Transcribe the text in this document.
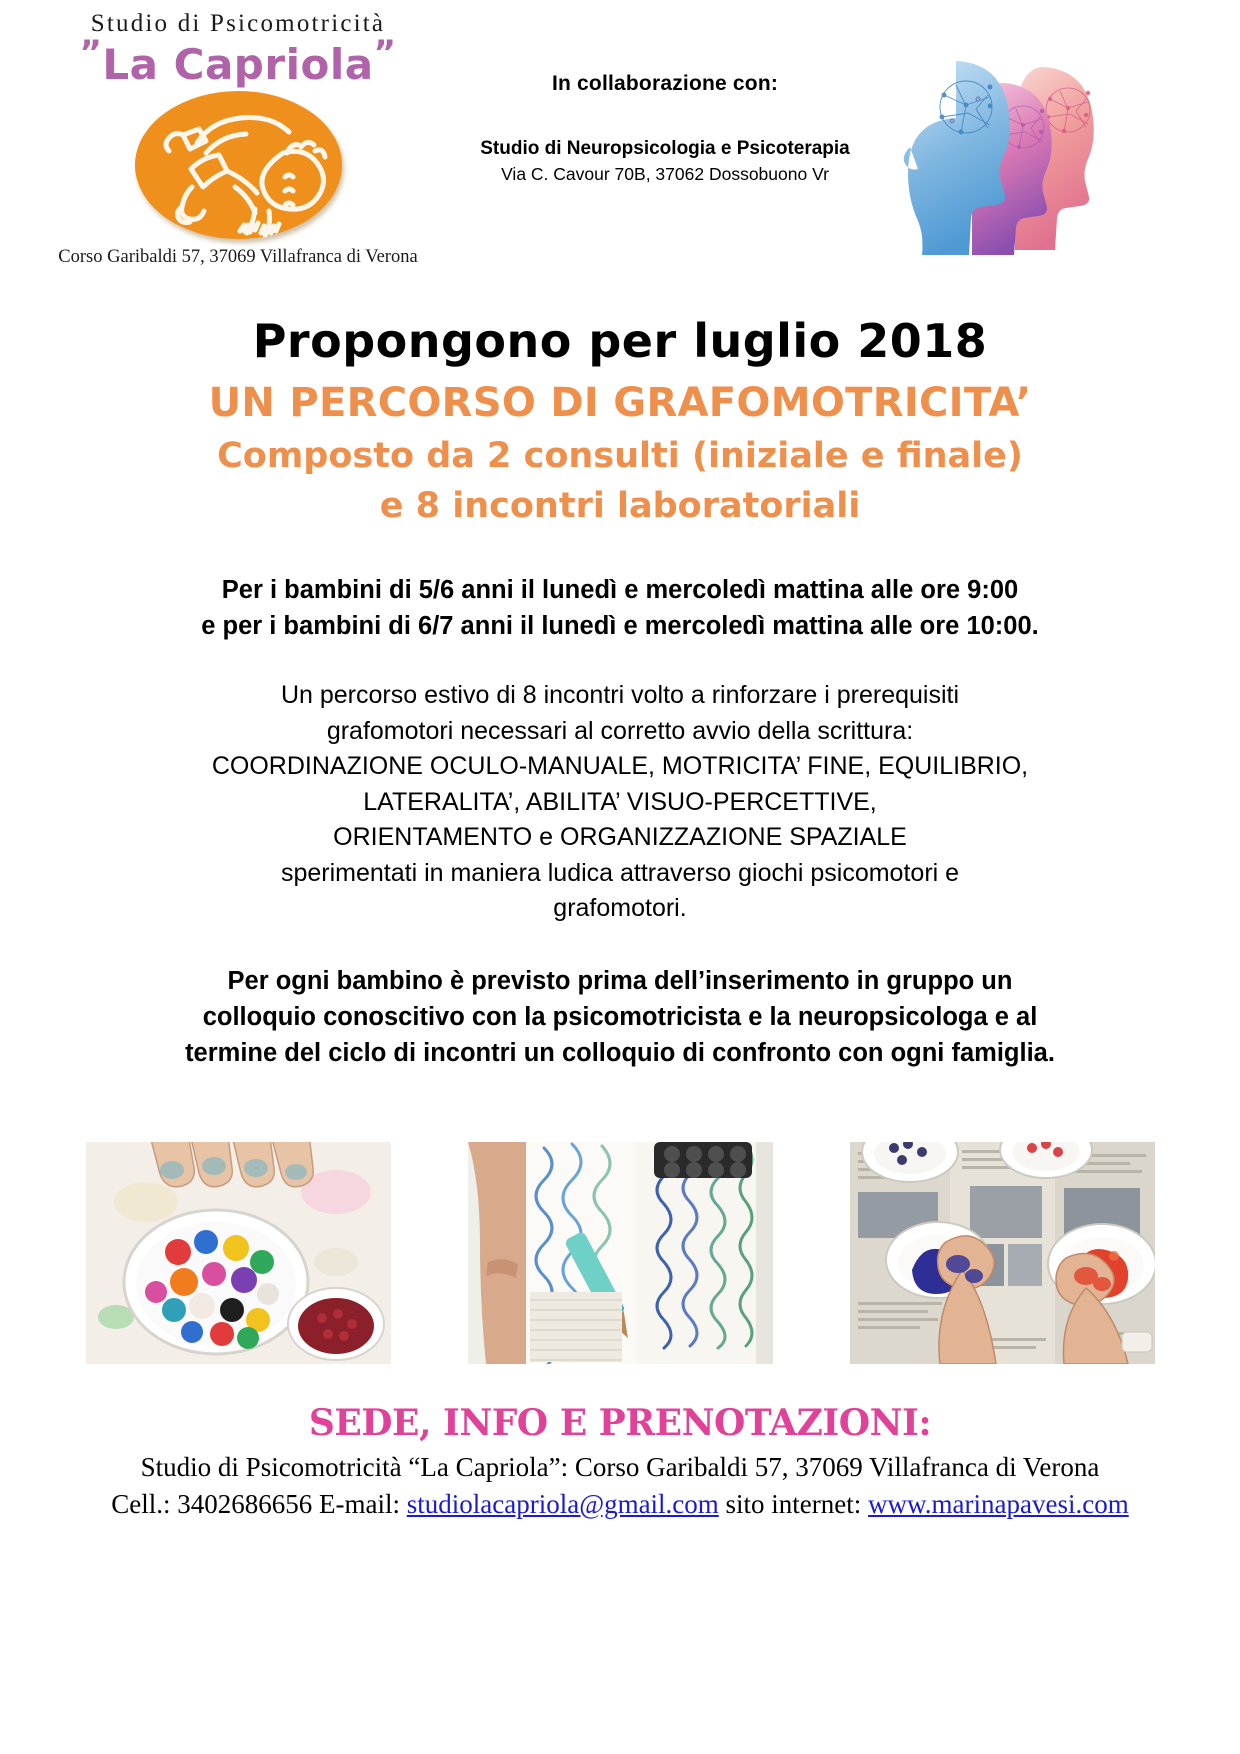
Studio di Psicomotricità
”La Capriola”
Corso Garibaldi 57, 37069 Villafranca di Verona
In collaborazione con:
Studio di Neuropsicologia e Psicoterapia
Via C. Cavour 70B, 37062 Dossobuono Vr
Propongono per luglio 2018
UN PERCORSO DI GRAFOMOTRICITA’
Composto da 2 consulti (iniziale e finale)
e 8 incontri laboratoriali
Per i bambini di 5/6 anni il lunedì e mercoledì mattina alle ore 9:00
e per i bambini di 6/7 anni il lunedì e mercoledì mattina alle ore 10:00.
Un percorso estivo di 8 incontri volto a rinforzare i prerequisiti
grafomotori necessari al corretto avvio della scrittura:
COORDINAZIONE OCULO-MANUALE, MOTRICITA’ FINE, EQUILIBRIO,
LATERALITA’, ABILITA’ VISUO-PERCETTIVE,
ORIENTAMENTO e ORGANIZZAZIONE SPAZIALE
sperimentati in maniera ludica attraverso giochi psicomotori e
grafomotori.
Per ogni bambino è previsto prima dell’inserimento in gruppo un
colloquio conoscitivo con la psicomotricista e la neuropsicologa e al
termine del ciclo di incontri un colloquio di confronto con ogni famiglia.
SEDE, INFO E PRENOTAZIONI:
Studio di Psicomotricità “La Capriola”: Corso Garibaldi 57, 37069 Villafranca di Verona
Cell.: 3402686656 E-mail: studiolacapriola@gmail.com sito internet: www.marinapavesi.com
